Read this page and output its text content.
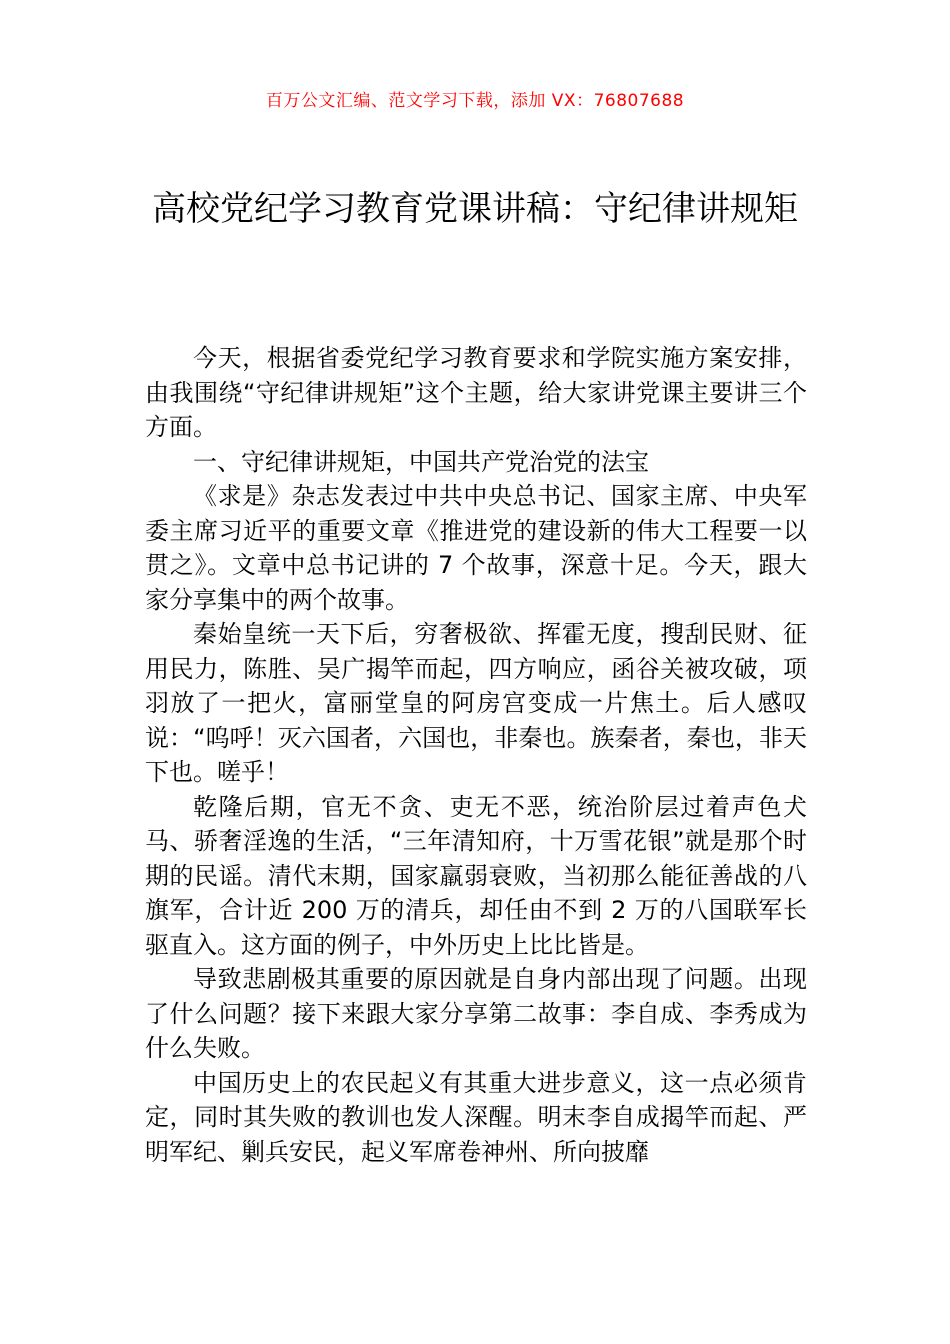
百万公文汇编、范文学习下载，添加 VX：76807688
高校党纪学习教育党课讲稿：守纪律讲规矩

今天，根据省委党纪学习教育要求和学院实施方案安排，由我围绕“守纪律讲规矩”这个主题，给大家讲党课主要讲三个方面。

一、守纪律讲规矩，中国共产党治党的法宝

《求是》杂志发表过中共中央总书记、国家主席、中央军委主席习近平的重要文章《推进党的建设新的伟大工程要一以贯之》。文章中总书记讲的 7 个故事，深意十足。今天，跟大家分享集中的两个故事。

秦始皇统一天下后，穷奢极欲、挥霍无度，搜刮民财、征用民力，陈胜、吴广揭竿而起，四方响应，函谷关被攻破，项羽放了一把火，富丽堂皇的阿房宫变成一片焦土。后人感叹说：“呜呼！灭六国者，六国也，非秦也。族秦者，秦也，非天下也。嗟乎！

乾隆后期，官无不贪、吏无不恶，统治阶层过着声色犬马、骄奢淫逸的生活，“三年清知府，十万雪花银”就是那个时期的民谣。清代末期，国家羸弱衰败，当初那么能征善战的八旗军，合计近 200 万的清兵，却任由不到 2 万的八国联军长驱直入。这方面的例子，中外历史上比比皆是。

导致悲剧极其重要的原因就是自身内部出现了问题。出现了什么问题？接下来跟大家分享第二故事：李自成、李秀成为什么失败。

中国历史上的农民起义有其重大进步意义，这一点必须肯定，同时其失败的教训也发人深醒。明末李自成揭竿而起、严明军纪、剿兵安民，起义军席卷神州、所向披靡
